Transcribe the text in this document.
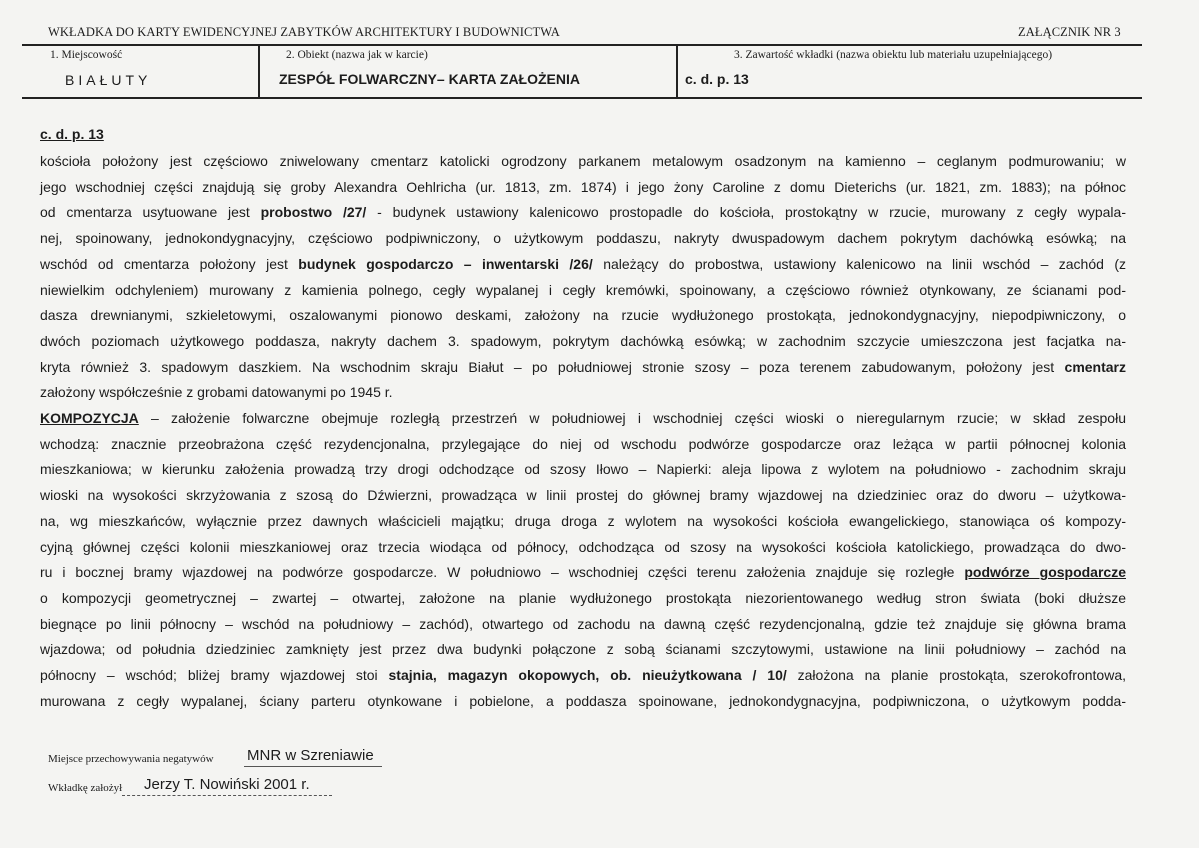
WKŁADKA DO KARTY EWIDENCYJNEJ ZABYTKÓW ARCHITEKTURY I BUDOWNICTWA	ZAŁĄCZNIK NR 3
1. Miejscowość
BIAŁUTY
2. Obiekt (nazwa jak w karcie)
ZESPÓŁ FOLWARCZNY– KARTA ZAŁOŻENIA
3. Zawartość wkładki (nazwa obiektu lub materiału uzupełniającego)
c. d. p. 13
c. d. p. 13
kościoła położony jest częściowo zniwelowany cmentarz katolicki ogrodzony parkanem metalowym osadzonym na kamienno – ceglanym podmurowaniu; w
jego wschodniej części znajdują się groby Alexandra Oehlricha (ur. 1813, zm. 1874) i jego żony Caroline z domu Dieterichs (ur. 1821, zm. 1883); na północ
od cmentarza usytuowane jest probostwo /27/ - budynek ustawiony kalenicowo prostopadle do kościoła, prostokątny w rzucie, murowany z cegły wypala-
nej, spoinowany, jednokondygnacyjny, częściowo podpiwniczony, o użytkowym poddaszu, nakryty dwuspadowym dachem pokrytym dachówką esówką; na
wschód od cmentarza położony jest budynek gospodarczo – inwentarski /26/ należący do probostwa, ustawiony kalenicowo na linii wschód – zachód (z
niewielkim odchyleniem) murowany z kamienia polnego, cegły wypalanej i cegły kremówki, spoinowany, a częściowo również otynkowany, ze ścianami pod-
dasza drewnianymi, szkieletowymi, oszalowanymi pionowo deskami, założony na rzucie wydłużonego prostokąta, jednokondygnacyjny, niepodpiwniczony, o
dwóch poziomach użytkowego poddasza, nakryty dachem 3. spadowym, pokrytym dachówką esówką; w zachodnim szczycie umieszczona jest facjatka na-
kryta również 3. spadowym daszkiem. Na wschodnim skraju Białut – po południowej stronie szosy – poza terenem zabudowanym, położony jest cmentarz
założony współcześnie z grobami datowanymi po 1945 r.
KOMPOZYCJA – założenie folwarczne obejmuje rozległą przestrzeń w południowej i wschodniej części wioski o nieregularnym rzucie; w skład zespołu
wchodzą: znacznie przeobrażona część rezydencjonalna, przylegające do niej od wschodu podwórze gospodarcze oraz leżąca w partii północnej kolonia
mieszkaniowa; w kierunku założenia prowadzą trzy drogi odchodzące od szosy Iłowo – Napierki: aleja lipowa z wylotem na południowo - zachodnim skraju
wioski na wysokości skrzyżowania z szosą do Dźwierzni, prowadząca w linii prostej do głównej bramy wjazdowej na dziedziniec oraz do dworu – użytkowa-
na, wg mieszkańców, wyłącznie przez dawnych właścicieli majątku; druga droga z wylotem na wysokości kościoła ewangelickiego, stanowiąca oś kompozy-
cyjną głównej części kolonii mieszkaniowej oraz trzecia wiodąca od północy, odchodząca od szosy na wysokości kościoła katolickiego, prowadząca do dwo-
ru i bocznej bramy wjazdowej na podwórze gospodarcze. W południowo – wschodniej części terenu założenia znajduje się rozległe podwórze gospodarcze
o kompozycji geometrycznej – zwartej – otwartej, założone na planie wydłużonego prostokąta niezorientowanego według stron świata (boki dłuższe
biegnące po linii północny – wschód na południowy – zachód), otwartego od zachodu na dawną część rezydencjonalną, gdzie też znajduje się główna brama
wjazdowa; od południa dziedziniec zamknięty jest przez dwa budynki połączone z sobą ścianami szczytowymi, ustawione na linii południowy – zachód na
północny – wschód; bliżej bramy wjazdowej stoi stajnia, magazyn okopowych, ob. nieużytkowana / 10/ założona na planie prostokąta, szerokofrontowa,
murowana z cegły wypalanej, ściany parteru otynkowane i pobielone, a poddasza spoinowane, jednokondygnacyjna, podpiwniczona, o użytkowym podda-
Miejsce przechowywania negatywów MNR w Szreniawie
Wkładkę założył Jerzy T. Nowiński 2001 r.
